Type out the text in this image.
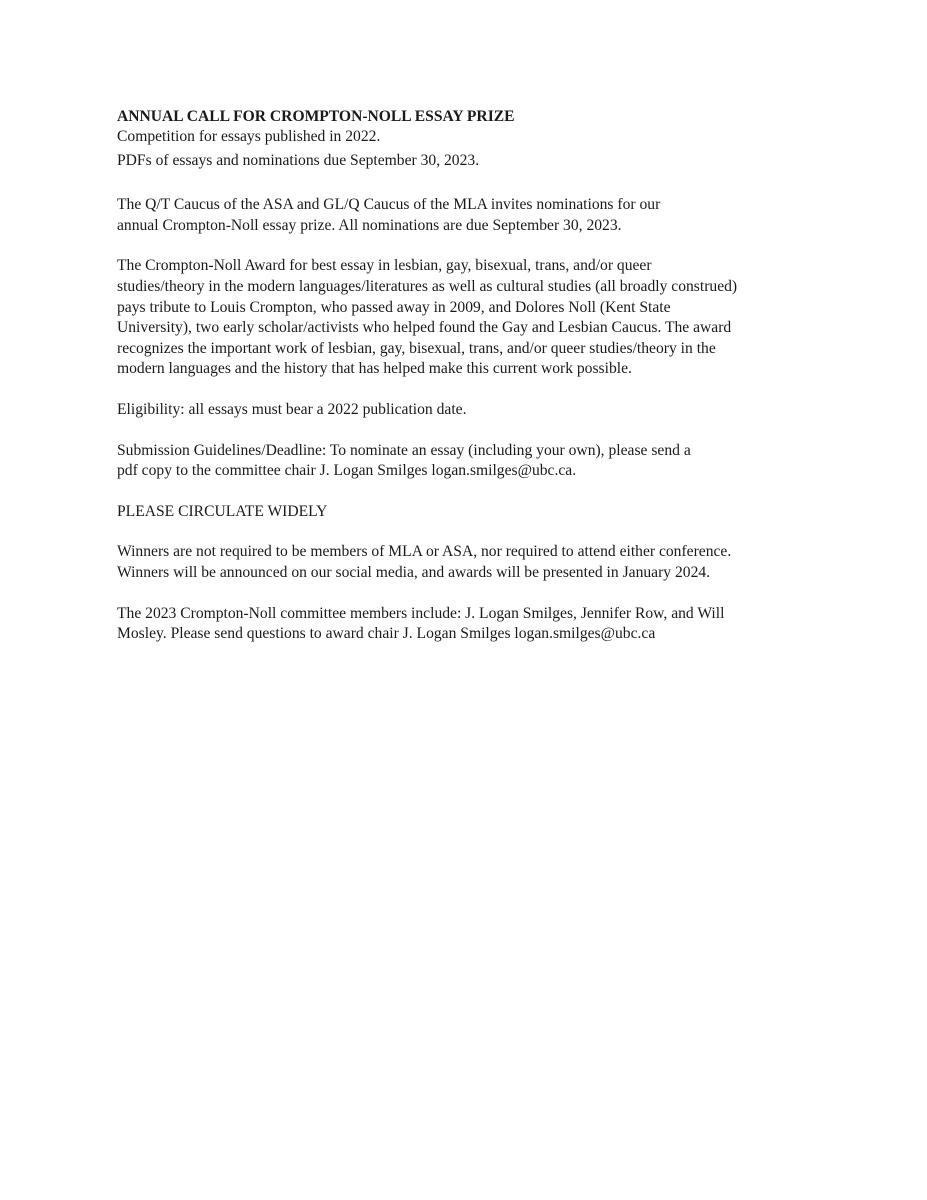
ANNUAL CALL FOR CROMPTON-NOLL ESSAY PRIZE

Competition for essays published in 2022.
PDFs of essays and nominations due September 30, 2023.
The Q/T Caucus of the ASA and GL/Q Caucus of the MLA invites nominations for our
annual Crompton-Noll essay prize. All nominations are due September 30, 2023.
The Crompton-Noll Award for best essay in lesbian, gay, bisexual, trans, and/or queer
studies/theory in the modern languages/literatures as well as cultural studies (all broadly construed)
pays tribute to Louis Crompton, who passed away in 2009, and Dolores Noll (Kent State
University), two early scholar/activists who helped found the Gay and Lesbian Caucus. The award
recognizes the important work of lesbian, gay, bisexual, trans, and/or queer studies/theory in the
modern languages and the history that has helped make this current work possible.
Eligibility: all essays must bear a 2022 publication date.
Submission Guidelines/Deadline: To nominate an essay (including your own), please send a
pdf copy to the committee chair J. Logan Smilges logan.smilges@ubc.ca.
PLEASE CIRCULATE WIDELY
Winners are not required to be members of MLA or ASA, nor required to attend either conference.
Winners will be announced on our social media, and awards will be presented in January 2024.
The 2023 Crompton-Noll committee members include: J. Logan Smilges, Jennifer Row, and Will
Mosley. Please send questions to award chair J. Logan Smilges logan.smilges@ubc.ca
